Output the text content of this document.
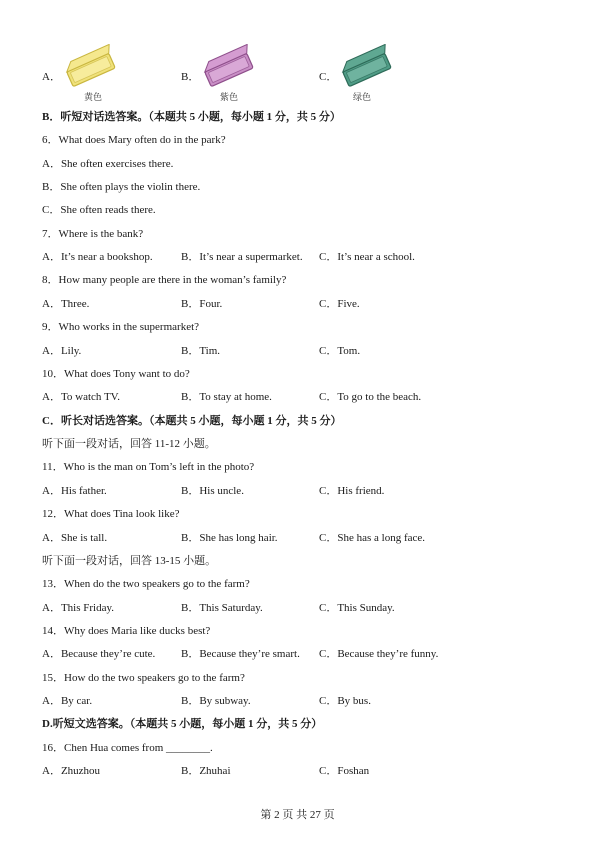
A．
黄色
B．
紫色
C．
绿色
B．听短对话选答案。（本题共 5 小题，每小题 1 分，共 5 分）
6．What does Mary often do in the park?
A．She often exercises there.
B．She often plays the violin there.
C．She often reads there.
7．Where is the bank?
A．It’s near a bookshop.	B．It’s near a supermarket. C．It’s near a school.
8．How many people are there in the woman’s family?
A．Three.	B．Four.	C．Five.
9．Who works in the supermarket?
A．Lily.	B．Tim.	C．Tom.
10．What does Tony want to do?
A．To watch TV.	B．To stay at home.	C．To go to the beach.
C．听长对话选答案。（本题共 5 小题，每小题 1 分，共 5 分）
听下面一段对话，回答 11-12 小题。
11．Who is the man on Tom’s left in the photo?
A．His father.	B．His uncle.	C．His friend.
12．What does Tina look like?
A．She is tall.	B．She has long hair.	C．She has a long face.
听下面一段对话，回答 13-15 小题。
13．When do the two speakers go to the farm?
A．This Friday.	B．This Saturday.	C．This Sunday.
14．Why does Maria like ducks best?
A．Because they’re cute. B．Because they’re smart. C．Because they’re funny.
15．How do the two speakers go to the farm?
A．By car.	B．By subway.	C．By bus.
D.听短文选答案。（本题共 5 小题，每小题 1 分，共 5 分）
16．Chen Hua comes from ________.
A．Zhuzhou	B．Zhuhai	C．Foshan
第 2 页 共 27 页
